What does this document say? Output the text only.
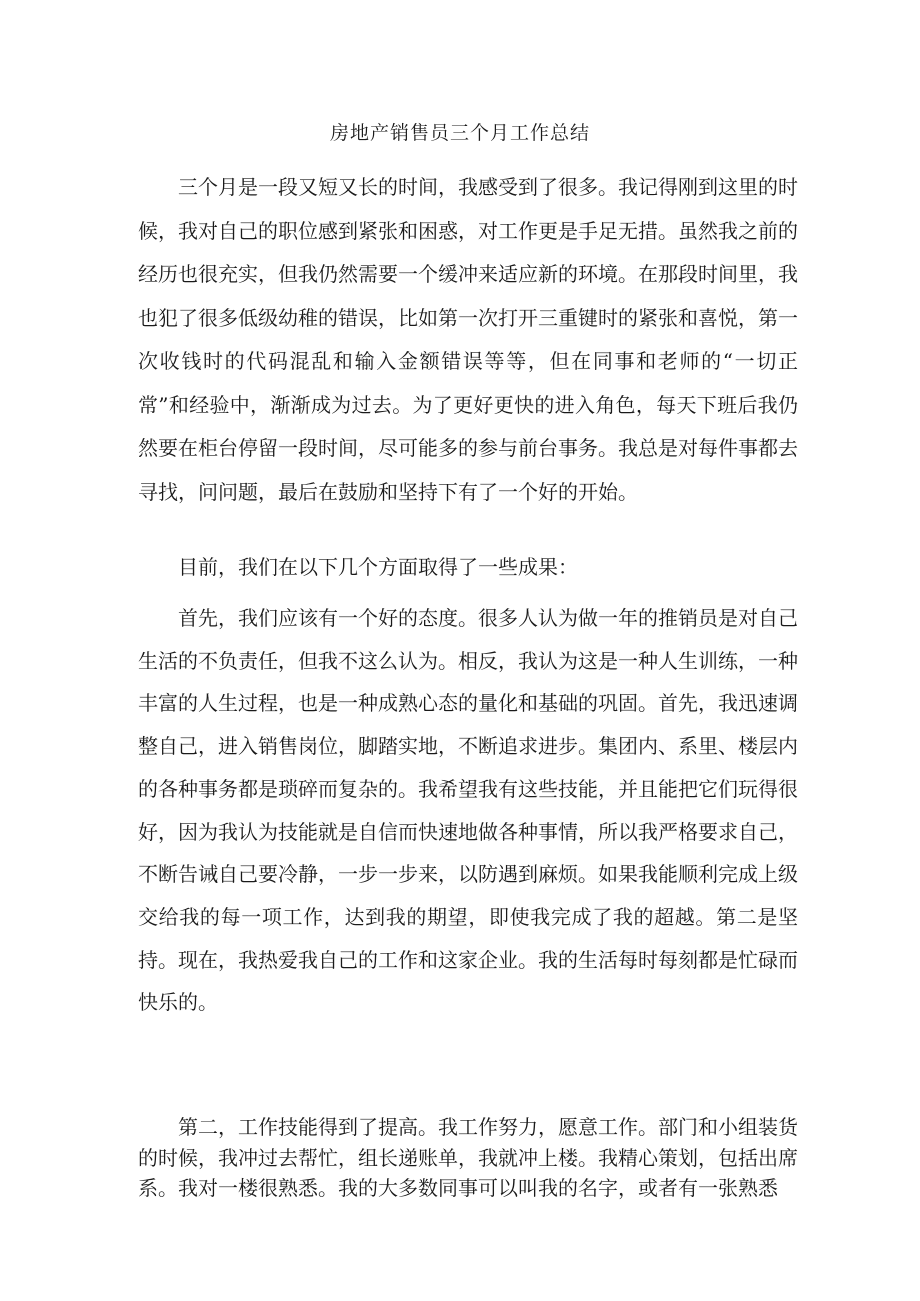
房地产销售员三个月工作总结

三个月是一段又短又长的时间，我感受到了很多。我记得刚到这里的时候，我对自己的职位感到紧张和困惑，对工作更是手足无措。虽然我之前的经历也很充实，但我仍然需要一个缓冲来适应新的环境。在那段时间里，我也犯了很多低级幼稚的错误，比如第一次打开三重键时的紧张和喜悦，第一次收钱时的代码混乱和输入金额错误等等，但在同事和老师的“一切正常”和经验中，渐渐成为过去。为了更好更快的进入角色，每天下班后我仍然要在柜台停留一段时间，尽可能多的参与前台事务。我总是对每件事都去寻找，问问题，最后在鼓励和坚持下有了一个好的开始。

目前，我们在以下几个方面取得了一些成果：

首先，我们应该有一个好的态度。很多人认为做一年的推销员是对自己生活的不负责任，但我不这么认为。相反，我认为这是一种人生训练，一种丰富的人生过程，也是一种成熟心态的量化和基础的巩固。首先，我迅速调整自己，进入销售岗位，脚踏实地，不断追求进步。集团内、系里、楼层内的各种事务都是琐碎而复杂的。我希望我有这些技能，并且能把它们玩得很好，因为我认为技能就是自信而快速地做各种事情，所以我严格要求自己，不断告诫自己要冷静，一步一步来，以防遇到麻烦。如果我能顺利完成上级交给我的每一项工作，达到我的期望，即使我完成了我的超越。第二是坚持。现在，我热爱我自己的工作和这家企业。我的生活每时每刻都是忙碌而快乐的。

第二，工作技能得到了提高。我工作努力，愿意工作。部门和小组装货的时候，我冲过去帮忙，组长递账单，我就冲上楼。我精心策划，包括出席系。我对一楼很熟悉。我的大多数同事可以叫我的名字，或者有一张熟悉
